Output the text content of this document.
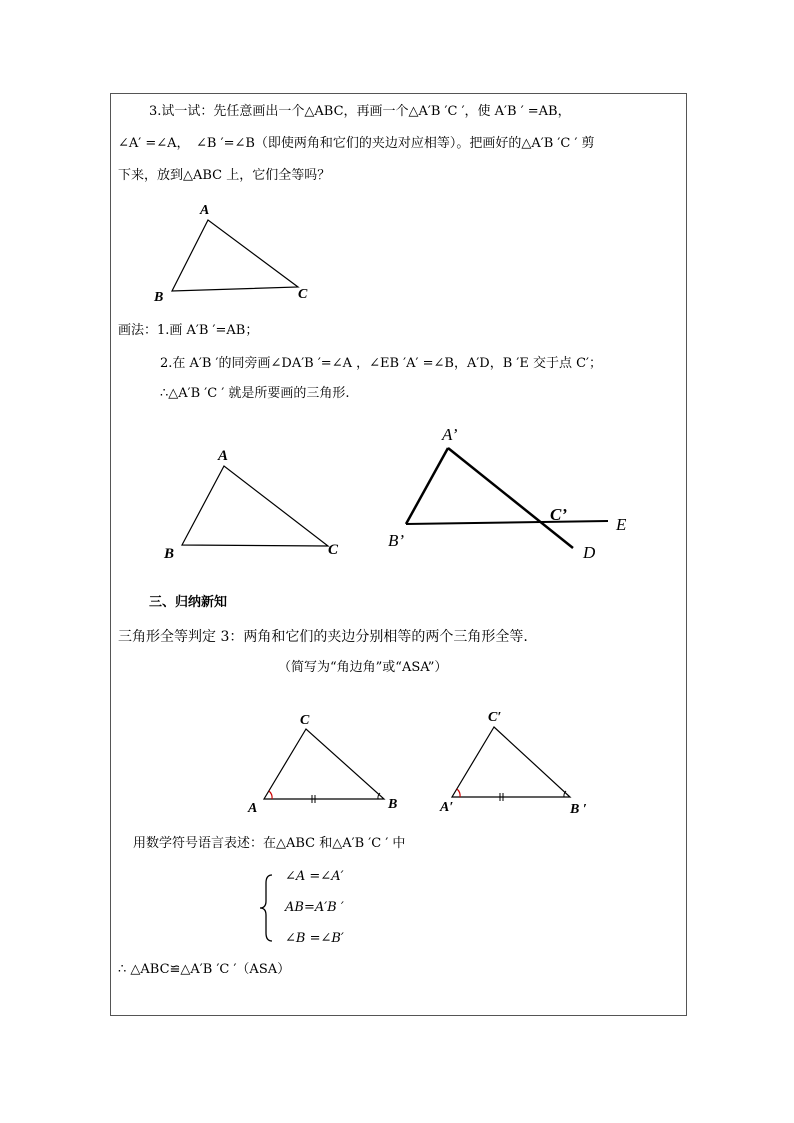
3.试一试：先任意画出一个△ABC，再画一个△A′B ′C ′，使 A′B ′ =AB，
∠A′ =∠A，　∠B ′=∠B（即使两角和它们的夹边对应相等）。把画好的△A′B ′C ′ 剪
下来，放到△ABC 上，它们全等吗？
A
B	C
画法：1.画 A′B ′=AB；
2.在 A′B ′的同旁画∠DA′B ′=∠A ，∠EB ′A′ =∠B，A′D，B ′E 交于点 C′；
∴△A′B ′C ′ 就是所要画的三角形.
A
B	C
A’
B’
C’
E
D
三、归纳新知
三角形全等判定 3：两角和它们的夹边分别相等的两个三角形全等.
（简写为“角边角”或“ASA”）
C
A	B
C′
A′	B ′
用数学符号语言表述：在△ABC 和△A′B ′C ′ 中
∠A =∠A′
AB=A′B ′
∠B =∠B′
∴ △ABC≌△A′B ′C ′（ASA）
